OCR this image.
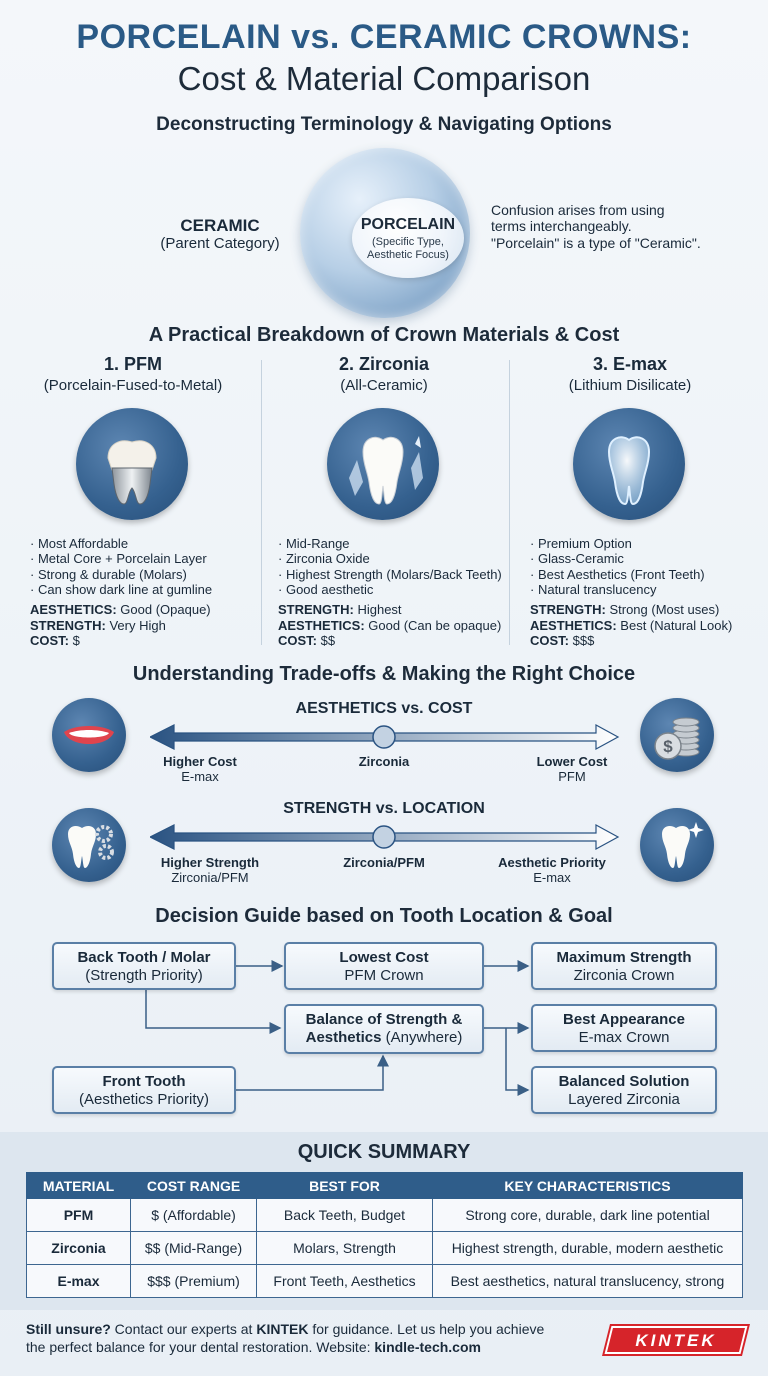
PORCELAIN vs. CERAMIC CROWNS:
Cost & Material Comparison
Deconstructing Terminology & Navigating Options
PORCELAIN
(Specific Type, Aesthetic Focus)
CERAMIC
(Parent Category)
Confusion arises from using
terms interchangeably.
"Porcelain" is a type of "Ceramic".
A Practical Breakdown of Crown Materials & Cost
1. PFM
(Porcelain-Fused-to-Metal)
· Most Affordable
· Metal Core + Porcelain Layer
· Strong & durable (Molars)
· Can show dark line at gumline
AESTHETICS: Good (Opaque)
STRENGTH: Very High
COST: $
2. Zirconia
(All-Ceramic)
· Mid-Range
· Zirconia Oxide
· Highest Strength (Molars/Back Teeth)
· Good aesthetic
STRENGTH: Highest
AESTHETICS: Good (Can be opaque)
COST: $$
3. E-max
(Lithium Disilicate)
· Premium Option
· Glass-Ceramic
· Best Aesthetics (Front Teeth)
· Natural translucency
STRENGTH: Strong (Most uses)
AESTHETICS: Best (Natural Look)
COST: $$$
Understanding Trade-offs & Making the Right Choice
$
AESTHETICS vs. COST
Higher Cost
E-max
Zirconia	Lower Cost
PFM
STRENGTH vs. LOCATION
Higher Strength
Zirconia/PFM
Zirconia/PFM	Aesthetic Priority
E-max
Decision Guide based on Tooth Location & Goal
Back Tooth / Molar
(Strength Priority)
Lowest Cost
PFM Crown
Maximum Strength
Zirconia Crown
Balance of Strength &
Aesthetics (Anywhere)
Best Appearance
E-max Crown
Front Tooth
(Aesthetics Priority)
Balanced Solution
Layered Zirconia
QUICK SUMMARY
MATERIAL	COST RANGE	BEST FOR	KEY CHARACTERISTICS
PFM	$ (Affordable)	Back Teeth, Budget	Strong core, durable, dark line potential
Zirconia	$$ (Mid-Range)	Molars, Strength	Highest strength, durable, modern aesthetic
E-max	$$$ (Premium)	Front Teeth, Aesthetics	Best aesthetics, natural translucency, strong
Still unsure? Contact our experts at KINTEK for guidance. Let us help you achieve
the perfect balance for your dental restoration. Website: kindle-tech.com	KINTEK
